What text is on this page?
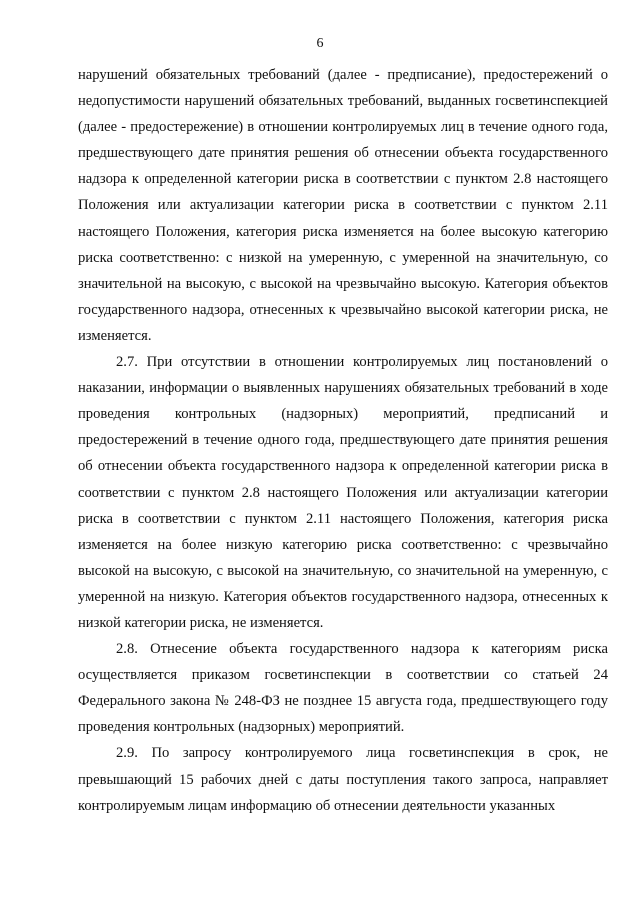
6

нарушений обязательных требований (далее - предписание), предостережений о недопустимости нарушений обязательных требований, выданных госветинспекцией (далее - предостережение) в отношении контролируемых лиц в течение одного года, предшествующего дате принятия решения об отнесении объекта государственного надзора к определенной категории риска в соответствии с пунктом 2.8 настоящего Положения или актуализации категории риска в соответствии с пунктом 2.11 настоящего Положения, категория риска изменяется на более высокую категорию риска соответственно: с низкой на умеренную, с умеренной на значительную, со значительной на высокую, с высокой на чрезвычайно высокую. Категория объектов государственного надзора, отнесенных к чрезвычайно высокой категории риска, не изменяется.

2.7. При отсутствии в отношении контролируемых лиц постановлений о наказании, информации о выявленных нарушениях обязательных требований в ходе проведения контрольных (надзорных) мероприятий, предписаний и предостережений в течение одного года, предшествующего дате принятия решения об отнесении объекта государственного надзора к определенной категории риска в соответствии с пунктом 2.8 настоящего Положения или актуализации категории риска в соответствии с пунктом 2.11 настоящего Положения, категория риска изменяется на более низкую категорию риска соответственно: с чрезвычайно высокой на высокую, с высокой на значительную, со значительной на умеренную, с умеренной на низкую. Категория объектов государственного надзора, отнесенных к низкой категории риска, не изменяется.

2.8. Отнесение объекта государственного надзора к категориям риска осуществляется приказом госветинспекции в соответствии со статьей 24 Федерального закона № 248-ФЗ не позднее 15 августа года, предшествующего году проведения контрольных (надзорных) мероприятий.

2.9. По запросу контролируемого лица госветинспекция в срок, не превышающий 15 рабочих дней с даты поступления такого запроса, направляет контролируемым лицам информацию об отнесении деятельности указанных
